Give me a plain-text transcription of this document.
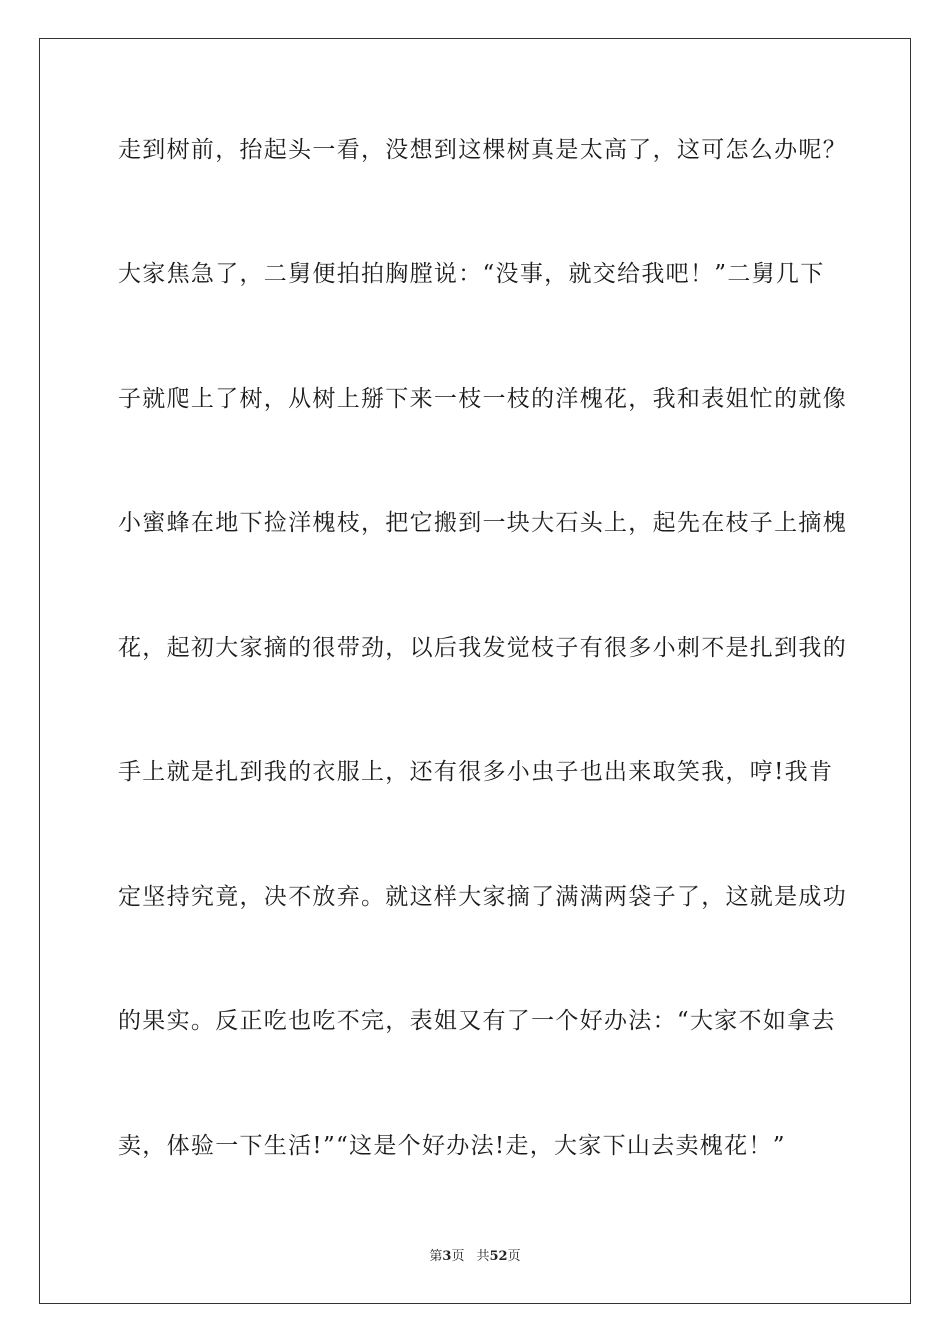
走到树前，抬起头一看，没想到这棵树真是太高了，这可怎么办呢？
大家焦急了，二舅便拍拍胸膛说：“没事，就交给我吧！”二舅几下
子就爬上了树，从树上掰下来一枝一枝的洋槐花，我和表姐忙的就像
小蜜蜂在地下捡洋槐枝，把它搬到一块大石头上，起先在枝子上摘槐
花，起初大家摘的很带劲，以后我发觉枝子有很多小刺不是扎到我的
手上就是扎到我的衣服上，还有很多小虫子也出来取笑我，哼!我肯
定坚持究竟，决不放弃。就这样大家摘了满满两袋子了，这就是成功
的果实。反正吃也吃不完，表姐又有了一个好办法：“大家不如拿去
卖，体验一下生活!”“这是个好办法!走，大家下山去卖槐花！”
第3页 共52页
